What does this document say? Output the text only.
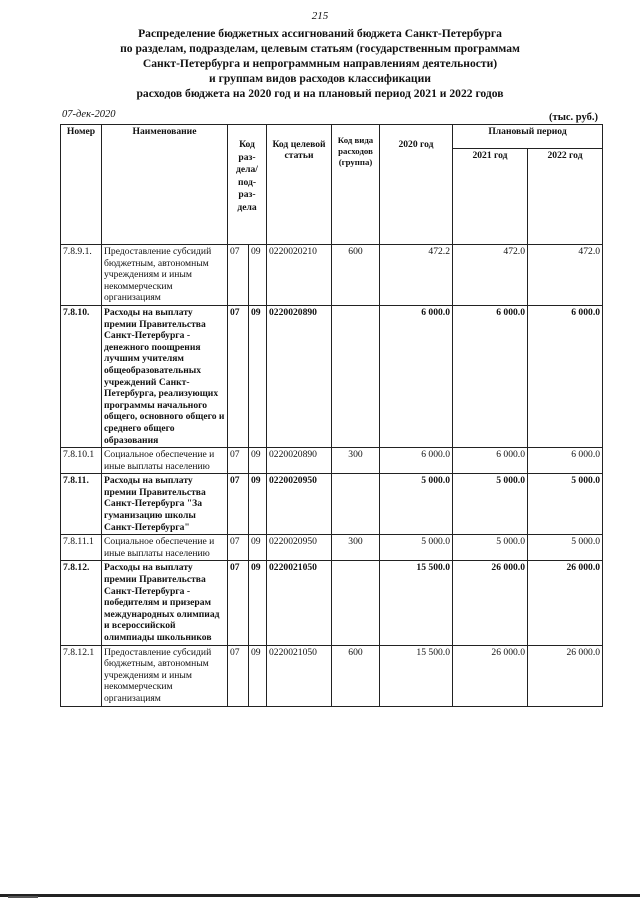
215
Распределение бюджетных ассигнований бюджета Санкт-Петербурга
по разделам, подразделам, целевым статьям (государственным программам
Санкт-Петербурга и непрограммным направлениям деятельности)
и группам видов расходов классификации
расходов бюджета на 2020 год и на плановый период 2021 и 2022 годов
07-дек-2020	(тыс. руб.)
Номер	Наименование	Код раз- дела/ под- раз- дела		Код целевой статьи	Код вида расходов (группа)	2020 год	Плановый период	
							2021 год	2022 год
7.8.9.1.	Предоставление субсидий бюджетным, автономным учреждениям и иным некоммерческим организациям	07	09	0220020210	600	472.2	472.0	472.0
7.8.10.	Расходы на выплату премии Правительства Санкт-Петербурга - денежного поощрения лучшим учителям общеобразовательных учреждений Санкт-Петербурга, реализующих программы начального общего, основного общего и среднего общего образования	07	09	0220020890		6 000.0	6 000.0	6 000.0
7.8.10.1	Социальное обеспечение и иные выплаты населению	07	09	0220020890	300	6 000.0	6 000.0	6 000.0
7.8.11.	Расходы на выплату премии Правительства Санкт-Петербурга "За гуманизацию школы Санкт-Петербурга"	07	09	0220020950		5 000.0	5 000.0	5 000.0
7.8.11.1	Социальное обеспечение и иные выплаты населению	07	09	0220020950	300	5 000.0	5 000.0	5 000.0
7.8.12.	Расходы на выплату премии Правительства Санкт-Петербурга - победителям и призерам международных олимпиад и всероссийской олимпиады школьников	07	09	0220021050		15 500.0	26 000.0	26 000.0
7.8.12.1	Предоставление субсидий бюджетным, автономным учреждениям и иным некоммерческим организациям	07	09	0220021050	600	15 500.0	26 000.0	26 000.0
